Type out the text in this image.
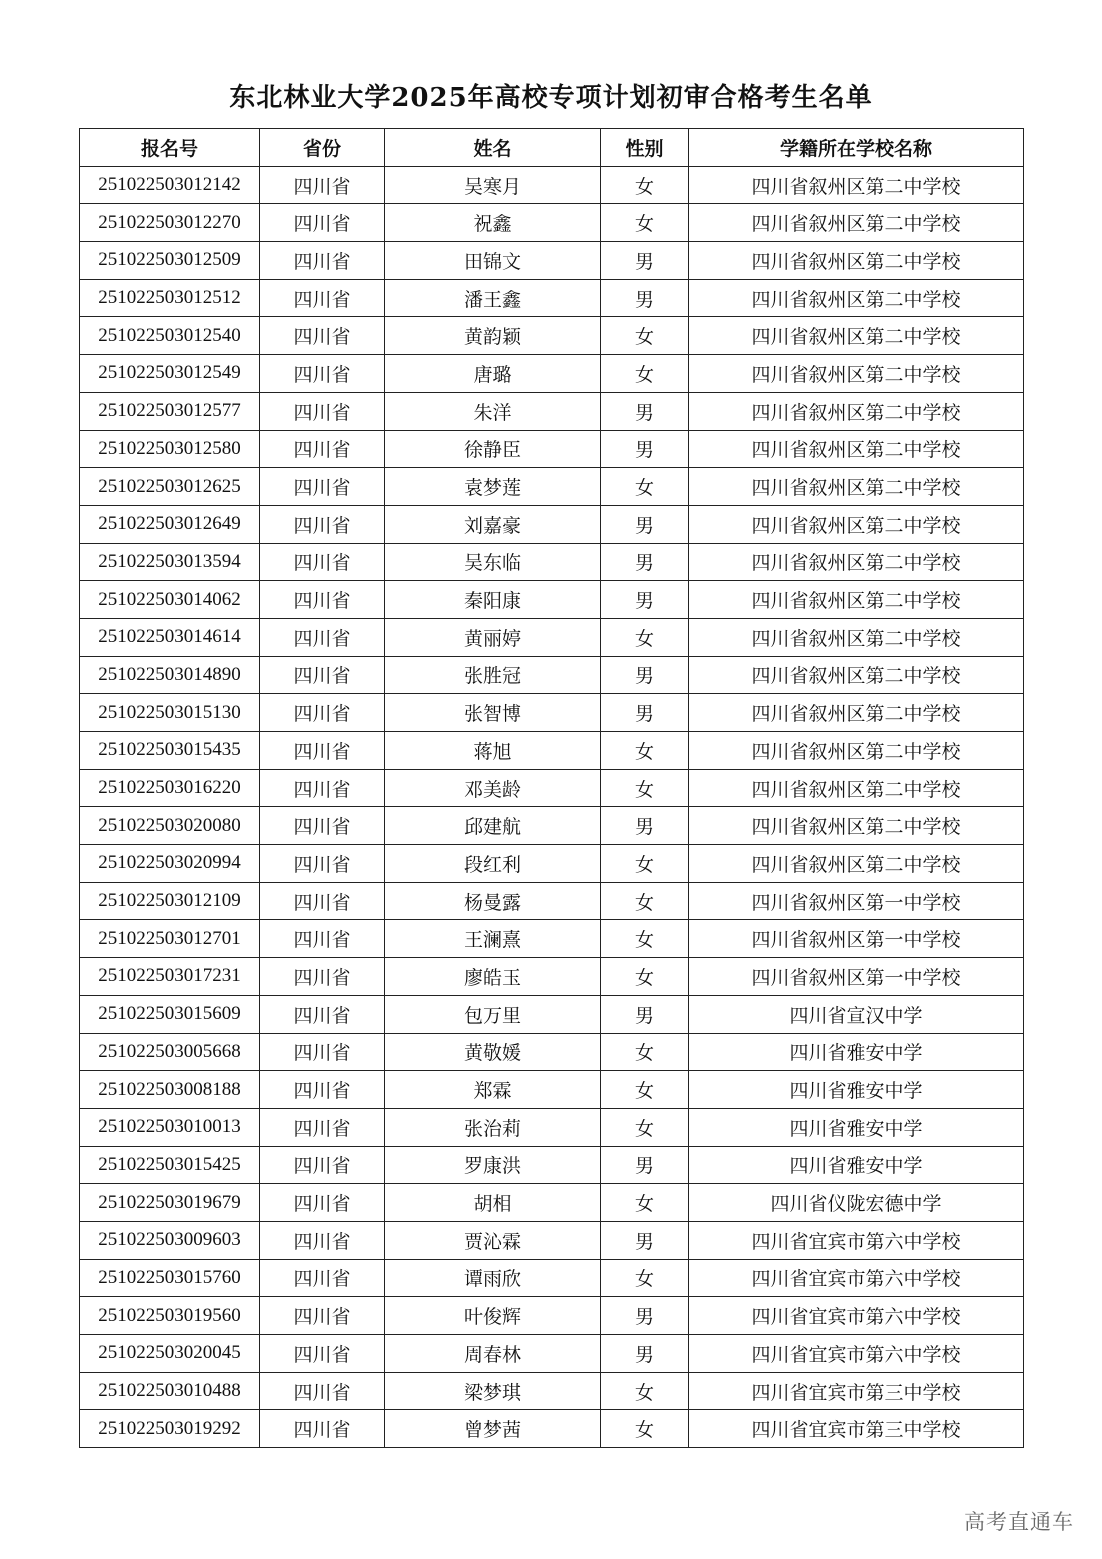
东北林业大学2025年高校专项计划初审合格考生名单
报名号	省份	姓名	性别	学籍所在学校名称
251022503012142	四川省	吴寒月	女	四川省叙州区第二中学校
251022503012270	四川省	祝鑫	女	四川省叙州区第二中学校
251022503012509	四川省	田锦文	男	四川省叙州区第二中学校
251022503012512	四川省	潘王鑫	男	四川省叙州区第二中学校
251022503012540	四川省	黄韵颖	女	四川省叙州区第二中学校
251022503012549	四川省	唐璐	女	四川省叙州区第二中学校
251022503012577	四川省	朱洋	男	四川省叙州区第二中学校
251022503012580	四川省	徐静臣	男	四川省叙州区第二中学校
251022503012625	四川省	袁梦莲	女	四川省叙州区第二中学校
251022503012649	四川省	刘嘉豪	男	四川省叙州区第二中学校
251022503013594	四川省	吴东临	男	四川省叙州区第二中学校
251022503014062	四川省	秦阳康	男	四川省叙州区第二中学校
251022503014614	四川省	黄丽婷	女	四川省叙州区第二中学校
251022503014890	四川省	张胜冠	男	四川省叙州区第二中学校
251022503015130	四川省	张智博	男	四川省叙州区第二中学校
251022503015435	四川省	蒋旭	女	四川省叙州区第二中学校
251022503016220	四川省	邓美龄	女	四川省叙州区第二中学校
251022503020080	四川省	邱建航	男	四川省叙州区第二中学校
251022503020994	四川省	段红利	女	四川省叙州区第二中学校
251022503012109	四川省	杨曼露	女	四川省叙州区第一中学校
251022503012701	四川省	王澜熹	女	四川省叙州区第一中学校
251022503017231	四川省	廖皓玉	女	四川省叙州区第一中学校
251022503015609	四川省	包万里	男	四川省宣汉中学
251022503005668	四川省	黄敬媛	女	四川省雅安中学
251022503008188	四川省	郑霖	女	四川省雅安中学
251022503010013	四川省	张治莉	女	四川省雅安中学
251022503015425	四川省	罗康洪	男	四川省雅安中学
251022503019679	四川省	胡相	女	四川省仪陇宏德中学
251022503009603	四川省	贾沁霖	男	四川省宜宾市第六中学校
251022503015760	四川省	谭雨欣	女	四川省宜宾市第六中学校
251022503019560	四川省	叶俊辉	男	四川省宜宾市第六中学校
251022503020045	四川省	周春林	男	四川省宜宾市第六中学校
251022503010488	四川省	梁梦琪	女	四川省宜宾市第三中学校
251022503019292	四川省	曾梦茜	女	四川省宜宾市第三中学校
高考直通车
